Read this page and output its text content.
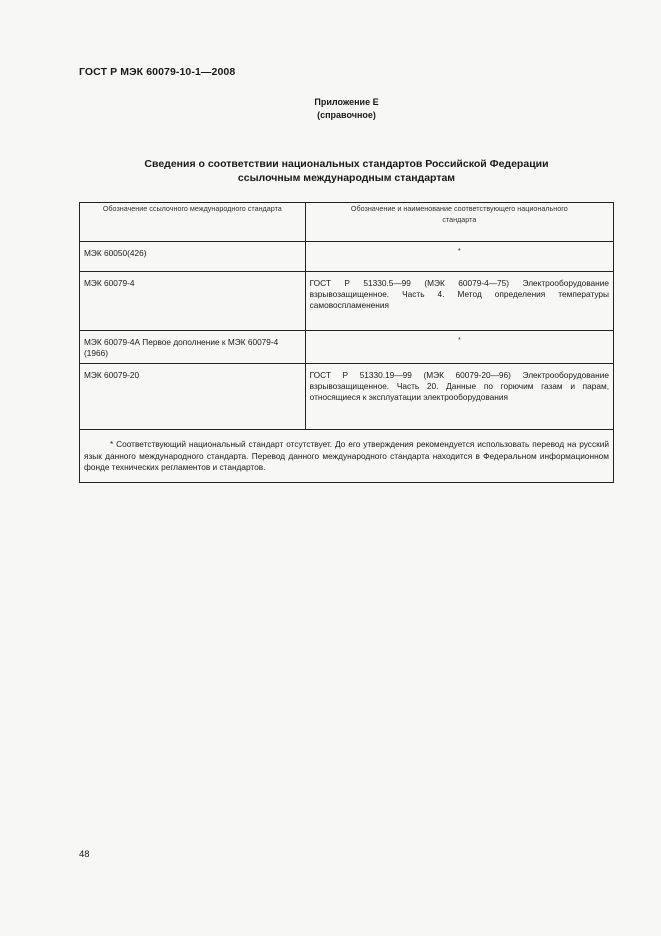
ГОСТ Р МЭК 60079-10-1—2008
Приложение Е
(справочное)
Сведения о соответствии национальных стандартов Российской Федерации
ссылочным международным стандартам
Обозначение ссылочного международного стандарта	Обозначение и наименование соответствующего национального стандарта
МЭК 60050(426)	*
МЭК 60079-4	ГОСТ Р 51330.5—99 (МЭК 60079-4—75) Электрооборудование взрывозащищенное. Часть 4. Метод определения температуры самовоспламенения
МЭК 60079-4А Первое дополнение к МЭК 60079-4 (1966)	*
МЭК 60079-20	ГОСТ Р 51330.19—99 (МЭК 60079-20—96) Электрооборудование взрывозащищенное. Часть 20. Данные по горючим газам и парам, относящиеся к эксплуатации электрооборудования
* Соответствующий национальный стандарт отсутствует. До его утверждения рекомендуется использовать перевод на русский язык данного международного стандарта. Перевод данного международного стандарта находится в Федеральном информационном фонде технических регламентов и стандартов.	
48
